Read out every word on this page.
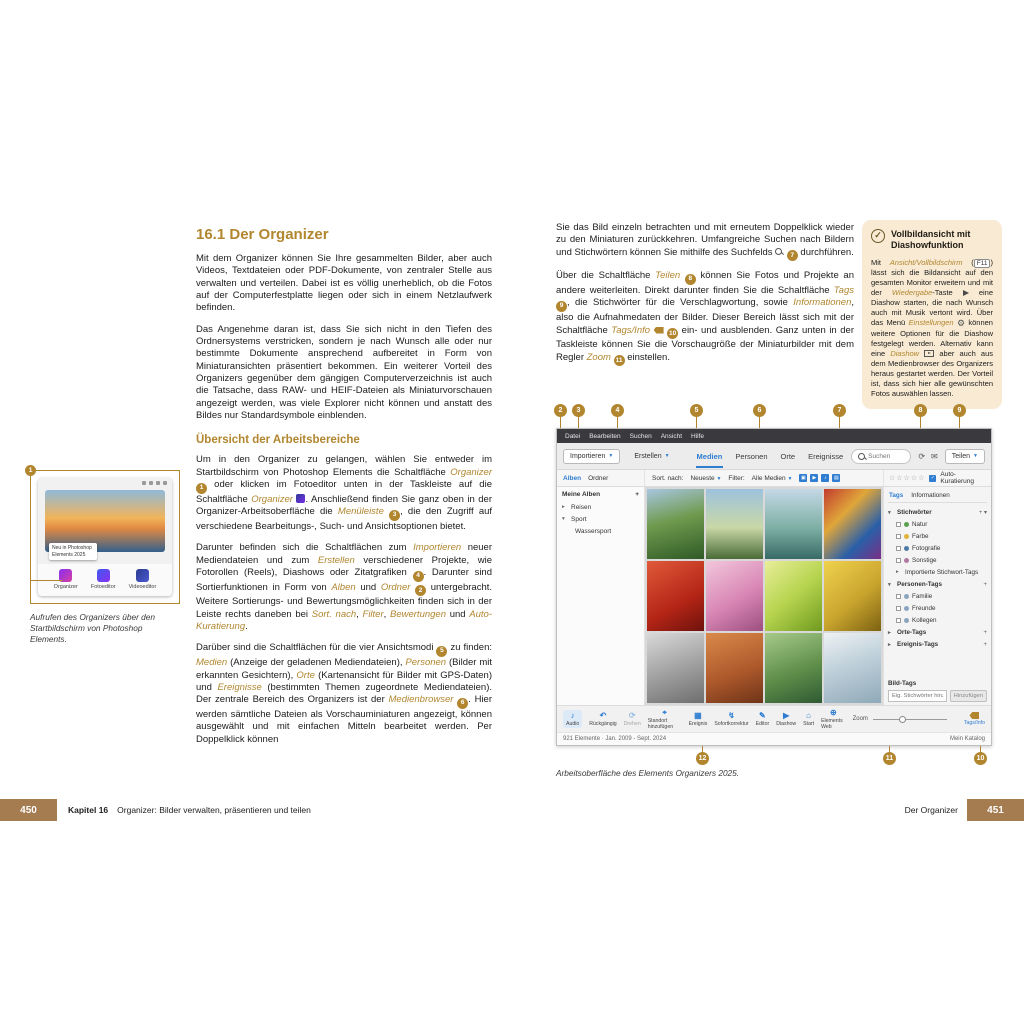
16.1 Der Organizer

Mit dem Organizer können Sie Ihre gesammelten Bilder, aber auch Videos, Textdateien oder PDF-Dokumente, von zentraler Stelle aus verwalten und verteilen. Dabei ist es völlig unerheblich, ob die Fotos auf der Computerfestplatte liegen oder sich in einem Netzlaufwerk befinden.

Das Angenehme daran ist, dass Sie sich nicht in den Tiefen des Ordnersystems verstricken, sondern je nach Wunsch alle oder nur bestimmte Dokumente ansprechend aufbereitet in Form von Miniaturansichten präsentiert bekommen. Ein weiterer Vorteil des Organizers gegenüber dem gängigen Computerverzeichnis ist auch die Tatsache, dass RAW- und HEIF-Dateien als Miniaturvorschauen angezeigt werden, was viele Explorer nicht können und anstatt des Bildes nur Standardsymbole einblenden.

Übersicht der Arbeitsbereiche

Um in den Organizer zu gelangen, wählen Sie entweder im Startbildschirm von Photoshop Elements die Schaltfläche Organizer 1 oder klicken im Fotoeditor unten in der Taskleiste auf die Schaltfläche Organizer . Anschließend finden Sie ganz oben in der Organizer-Arbeitsoberfläche die Menüleiste 3 , die den Zugriff auf verschiedene Bearbeitungs-, Such- und Ansichtsoptionen bietet.

Darunter befinden sich die Schaltflächen zum Importieren neuer Mediendateien und zum Erstellen verschiedener Projekte, wie Fotorollen (Reels), Diashows oder Zitatgrafiken 4 . Darunter sind Sortierfunktionen in Form von Alben und Ordner 2 untergebracht. Weitere Sortierungs- und Bewertungsmöglichkeiten finden sich in der Leiste rechts daneben bei Sort. nach, Filter, Bewertungen und Auto-Kuratierung.

Darüber sind die Schaltflächen für die vier Ansichtsmodi 5 zu finden: Medien (Anzeige der geladenen Mediendateien), Personen (Bilder mit erkannten Gesichtern), Orte (Kartenansicht für Bilder mit GPS-Daten) und Ereignisse (bestimmten Themen zugeordnete Mediendateien). Der zentrale Bereich des Organizers ist der Medienbrowser 6 . Hier werden sämtliche Dateien als Vorschauminiaturen angezeigt, können ausgewählt und mit einfachen Mitteln bearbeitet werden. Per Doppelklick können

1
Neu in Photoshop Elements 2025
Organizer Fotoeditor Videoeditor
Aufrufen des Organizers über den Startbildschirm von Photoshop Elements.

Sie das Bild einzeln betrachten und mit erneutem Doppelklick wieder zu den Miniaturen zurückkehren. Umfangreiche Suchen nach Bildern und Stichwörtern können Sie mithilfe des Suchfelds  7 durchführen.

Über die Schaltfläche Teilen 8 können Sie Fotos und Projekte an andere weiterleiten. Direkt darunter finden Sie die Schaltfläche Tags 9 , die Stichwörter für die Verschlagwortung, sowie Informationen, also die Aufnahmedaten der Bilder. Dieser Bereich lässt sich mit der Schaltfläche Tags/Info	10 ein- und ausblenden. Ganz unten in der Taskleiste können Sie die Vorschaugröße der Miniaturbilder mit dem Regler Zoom 11 einstellen.

✓
Vollbildansicht mit Diashowfunktion

Mit Ansicht/Vollbildschirm ( F11 ) lässt sich die Bildansicht auf den gesamten Monitor erweitern und mit der Wiedergabe-Taste  eine Diashow starten, die nach Wunsch auch mit Musik vertont wird. Über das Menü Einstellungen ⚙ können weitere Optionen für die Diashow festgelegt werden. Alternativ kann eine Diashow  aber auch aus dem Medienbrowser des Organizers heraus gestartet werden. Der Vorteil ist, dass sich hier alle gewünschten Fotos auswählen lassen.

Datei Bearbeiten Suchen Ansicht Hilfe
Importieren ▼	Erstellen ▼	Medien Personen Orte Ereignisse
Suchen	⟳ ✉ Teilen ▼
Alben Ordner	Sort. nach: Neueste ▼ Filter: Alle Medien ▼	▣	▶	♪	▤	☆☆☆☆☆ ✓ Auto-Kuratierung
Meine Alben	+
▸ Reisen
▾ Sport
Wassersport
Tags Informationen
▾ Stichwörter	+ ▾
Natur
Farbe
Fotografie
Sonstige
▸ Importierte Stichwort-Tags
▾ Personen-Tags	+
Familie
Freunde
Kollegen
▸ Orte-Tags	+
▸ Ereignis-Tags	+
Bild-Tags
Eig. Stichwörter hinzu...
Hinzufügen
♪
Audio
↶ Rückgängig
⟳ Drehen
⌖ Standort hinzufügen
▦	Ereignis
↯ Sofortkorrektur
✎ Editor
▶ Diashow
⌂ Start
⊕ Elements Web
Zoom
Tags/Info
921 Elemente · Jan. 2009 - Sept. 2024	Mein Katalog
2	3	4	5	6	7	8	9
12	11	10

Arbeitsoberfläche des Elements Organizers 2025.

450	Kapitel 16 Organizer: Bilder verwalten, präsentieren und teilen	Der Organizer	451
